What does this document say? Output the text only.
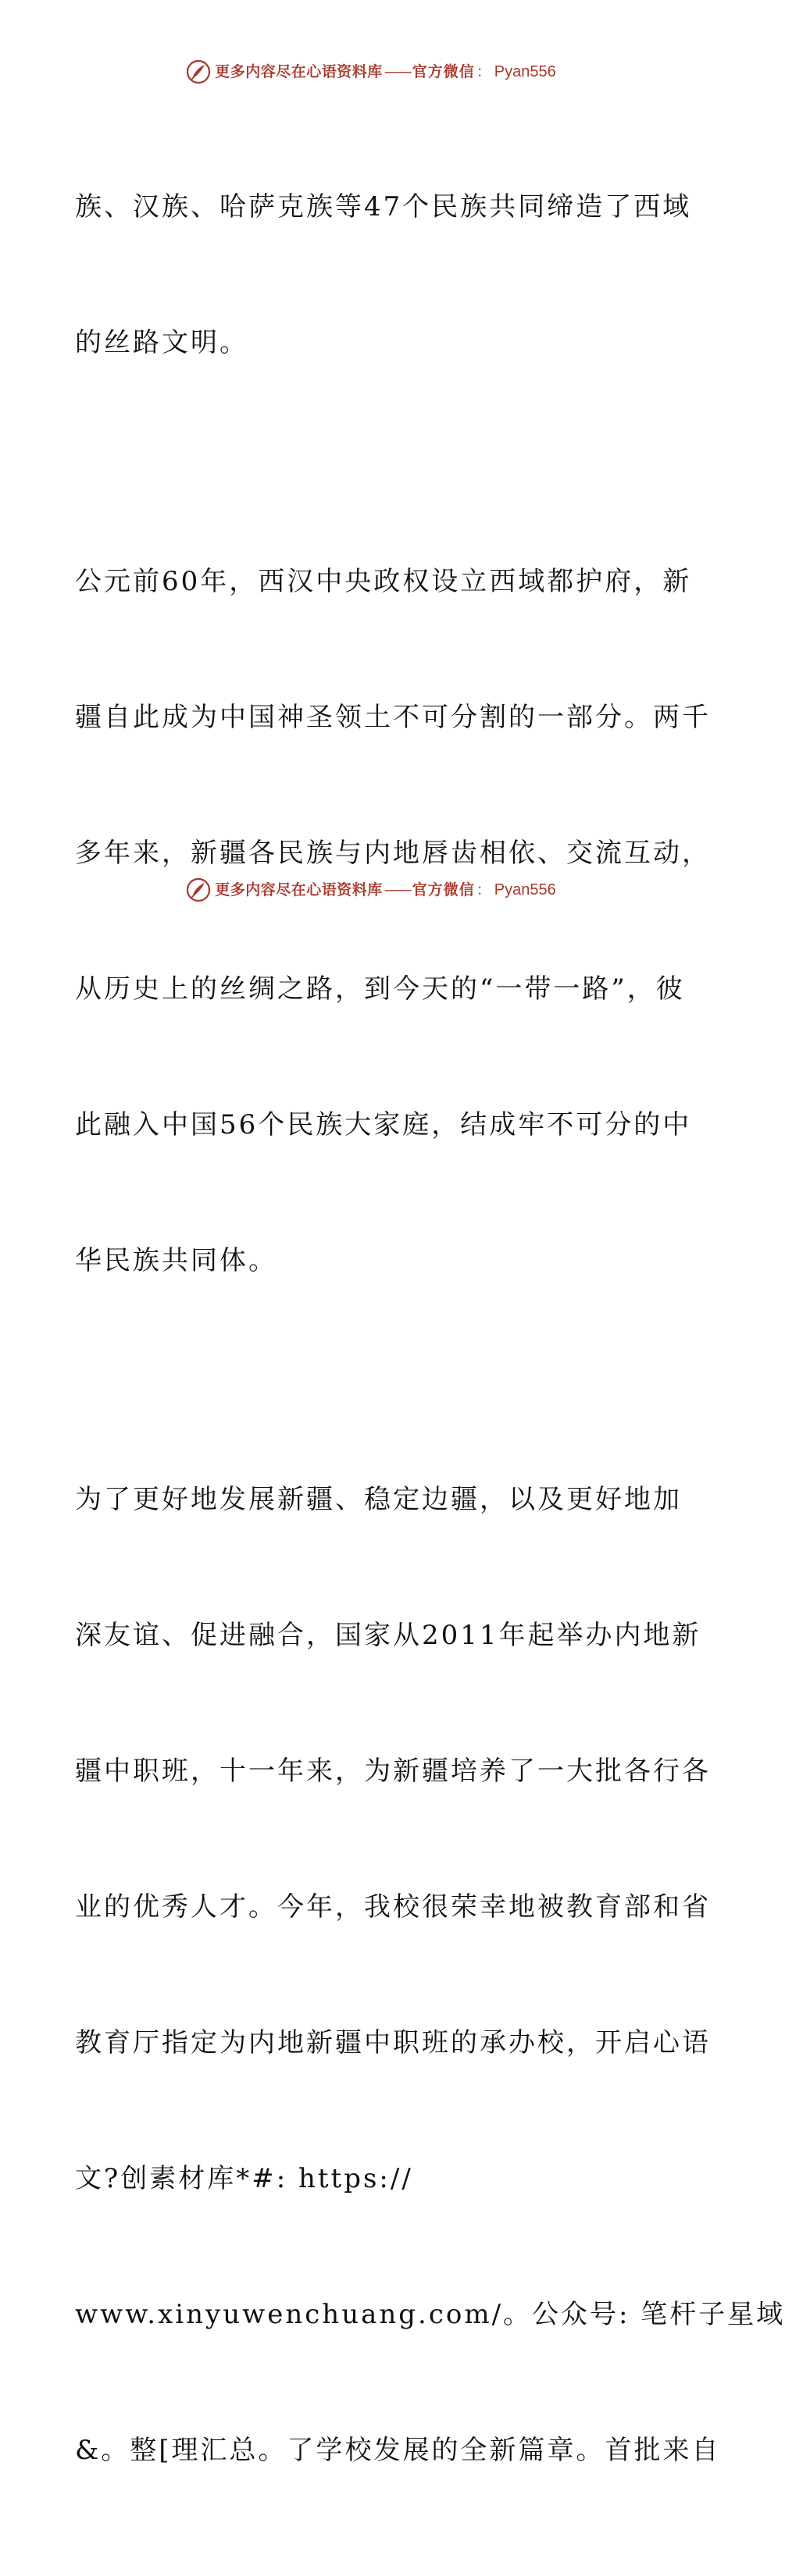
更多内容尽在心语资料库 —— 官方微信 ： Pyan556

族、汉族、哈萨克族等47个民族共同缔造了西域

的丝路文明。

公元前60年，西汉中央政权设立西域都护府，新

疆自此成为中国神圣领土不可分割的一部分。两千

多年来，新疆各民族与内地唇齿相依、交流互动，

从历史上的丝绸之路，到今天的“一带一路”，彼

此融入中国56个民族大家庭，结成牢不可分的中

华民族共同体。

为了更好地发展新疆、稳定边疆，以及更好地加

深友谊、促进融合，国家从2011年起举办内地新

疆中职班，十一年来，为新疆培养了一大批各行各

业的优秀人才。今年，我校很荣幸地被教育部和省

教育厅指定为内地新疆中职班的承办校，开启心语

文?创素材库*#: https://

www.xinyuwenchuang.com/。公众号: 笔杆子星域

&。整[理汇总。了学校发展的全新篇章。首批来自

更多内容尽在心语资料库 —— 官方微信 ： Pyan556
